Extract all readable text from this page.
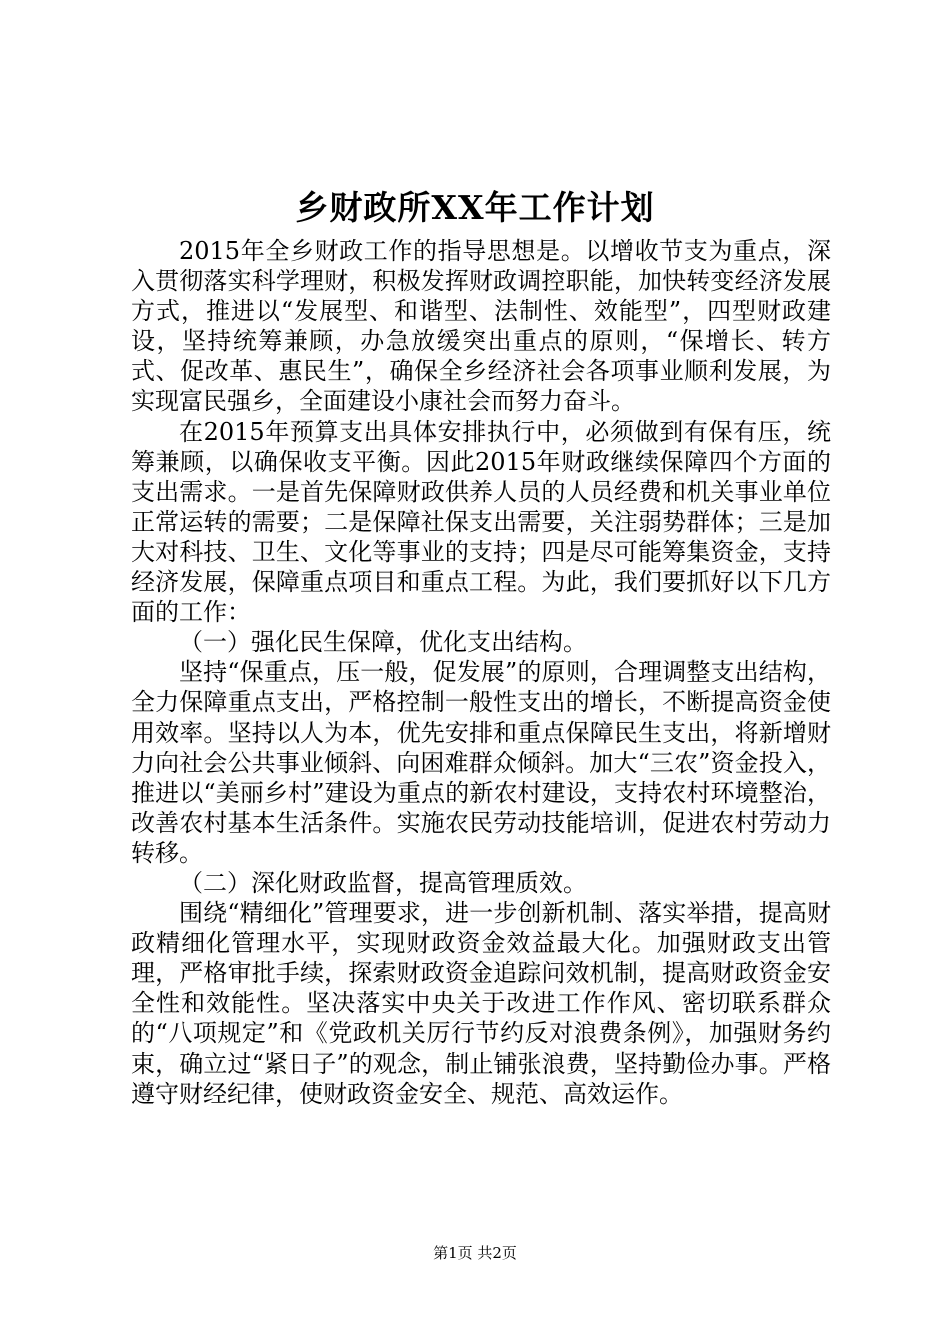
乡财政所XX年工作计划

2015年全乡财政工作的指导思想是。以增收节支为重点，深入贯彻落实科学理财，积极发挥财政调控职能，加快转变经济发展方式，推进以“发展型、和谐型、法制性、效能型”，四型财政建设，坚持统筹兼顾，办急放缓突出重点的原则，“保增长、转方式、促改革、惠民生”，确保全乡经济社会各项事业顺利发展，为实现富民强乡，全面建设小康社会而努力奋斗。

在2015年预算支出具体安排执行中，必须做到有保有压，统筹兼顾，以确保收支平衡。因此2015年财政继续保障四个方面的支出需求。一是首先保障财政供养人员的人员经费和机关事业单位正常运转的需要；二是保障社保支出需要，关注弱势群体；三是加大对科技、卫生、文化等事业的支持；四是尽可能筹集资金，支持经济发展，保障重点项目和重点工程。为此，我们要抓好以下几方面的工作：

（一）强化民生保障，优化支出结构。

坚持“保重点，压一般，促发展”的原则，合理调整支出结构，全力保障重点支出，严格控制一般性支出的增长，不断提高资金使用效率。坚持以人为本，优先安排和重点保障民生支出，将新增财力向社会公共事业倾斜、向困难群众倾斜。加大“三农”资金投入，推进以“美丽乡村”建设为重点的新农村建设，支持农村环境整治，改善农村基本生活条件。实施农民劳动技能培训，促进农村劳动力转移。

（二）深化财政监督，提高管理质效。

围绕“精细化”管理要求，进一步创新机制、落实举措，提高财政精细化管理水平，实现财政资金效益最大化。加强财政支出管理，严格审批手续，探索财政资金追踪问效机制，提高财政资金安全性和效能性。坚决落实中央关于改进工作作风、密切联系群众的“八项规定”和《党政机关厉行节约反对浪费条例》，加强财务约束，确立过“紧日子”的观念，制止铺张浪费，坚持勤俭办事。严格遵守财经纪律，使财政资金安全、规范、高效运作。

第1页 共2页
